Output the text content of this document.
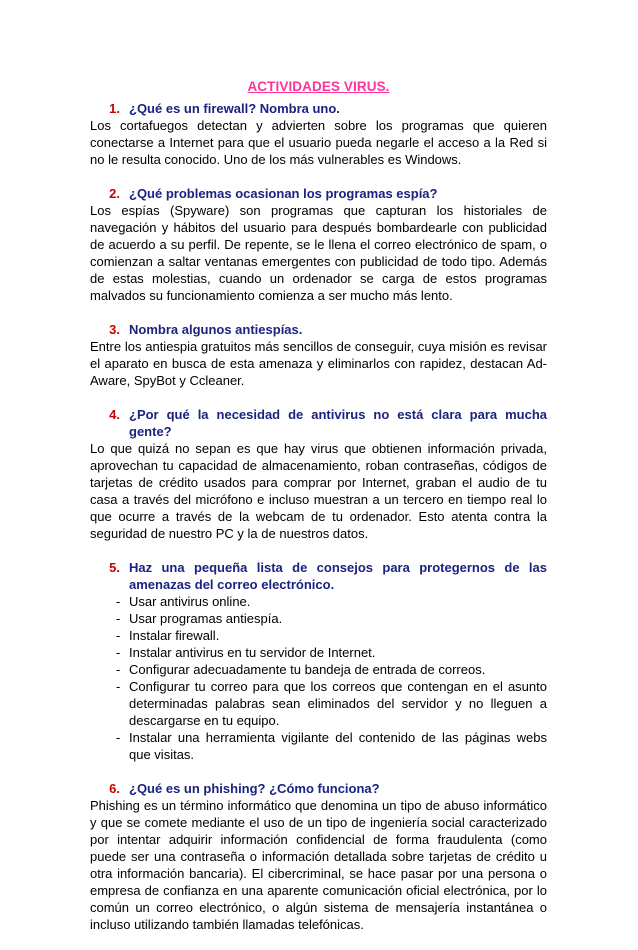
ACTIVIDADES VIRUS.
1. ¿Qué es un firewall? Nombra uno.

Los cortafuegos detectan y advierten sobre los programas que quieren conectarse a Internet para que el usuario pueda negarle el acceso a la Red si no le resulta conocido. Uno de los más vulnerables es Windows.

2. ¿Qué problemas ocasionan los programas espía?

Los espías (Spyware) son programas que capturan los historiales de navegación y hábitos del usuario para después bombardearle con publicidad de acuerdo a su perfil. De repente, se le llena el correo electrónico de spam, o comienzan a saltar ventanas emergentes con publicidad de todo tipo. Además de estas molestias, cuando un ordenador se carga de estos programas malvados su funcionamiento comienza a ser mucho más lento.

3. Nombra algunos antiespías.

Entre los antiespia gratuitos más sencillos de conseguir, cuya misión es revisar el aparato en busca de esta amenaza y eliminarlos con rapidez, destacan Ad-Aware, SpyBot y Ccleaner.

4. ¿Por qué la necesidad de antivirus no está clara para mucha gente?

Lo que quizá no sepan es que hay virus que obtienen información privada, aprovechan tu capacidad de almacenamiento, roban contraseñas, códigos de tarjetas de crédito usados para comprar por Internet, graban el audio de tu casa a través del micrófono e incluso muestran a un tercero en tiempo real lo que ocurre a través de la webcam de tu ordenador. Esto atenta contra la seguridad de nuestro PC y la de nuestros datos.

5. Haz una pequeña lista de consejos para protegernos de las amenazas del correo electrónico.
- Usar antivirus online.
- Usar programas antiespía.
- Instalar firewall.
- Instalar antivirus en tu servidor de Internet.
- Configurar adecuadamente tu bandeja de entrada de correos.
- Configurar tu correo para que los correos que contengan en el asunto determinadas palabras sean eliminados del servidor y no lleguen a descargarse en tu equipo.
- Instalar una herramienta vigilante del contenido de las páginas webs que visitas.
6. ¿Qué es un phishing? ¿Cómo funciona?

Phishing es un término informático que denomina un tipo de abuso informático y que se comete mediante el uso de un tipo de ingeniería social caracterizado por intentar adquirir información confidencial de forma fraudulenta (como puede ser una contraseña o información detallada sobre tarjetas de crédito u otra información bancaria). El cibercriminal, se hace pasar por una persona o empresa de confianza en una aparente comunicación oficial electrónica, por lo común un correo electrónico, o algún sistema de mensajería instantánea o incluso utilizando también llamadas telefónicas.
